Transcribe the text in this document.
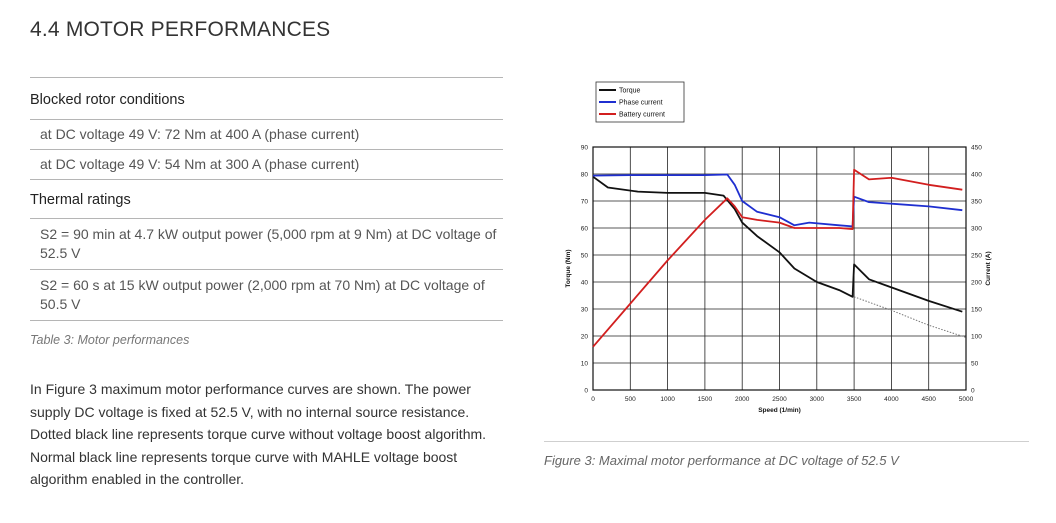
4.4 MOTOR PERFORMANCES
Blocked rotor conditions
at DC voltage 49 V: 72 Nm at 400 A (phase current)
at DC voltage 49 V: 54 Nm at 300 A (phase current)
Thermal ratings
S2 = 90 min at 4.7 kW output power (5,000 rpm at 9 Nm) at DC voltage of 52.5 V
S2 = 60 s at 15 kW output power (2,000 rpm at 70 Nm) at DC voltage of 50.5 V
Table 3: Motor performances
In Figure 3 maximum motor performance curves are shown. The power supply DC voltage is fixed at 52.5 V, with no internal source resistance. Dotted black line represents torque curve without voltage boost algorithm. Normal black line represents torque curve with MAHLE voltage boost algorithm enabled in the controller.
0	500	1000	1500	2000	2500	3000	3500	4000	4500	5000
0
10
20
30
40
50
60
70
80
90
0
50
100
150
200
250
300
350
400
450
Speed (1/min)
Torque (Nm)	Current (A)
Torque
Phase current
Battery current
Figure 3: Maximal motor performance at DC voltage of 52.5 V
